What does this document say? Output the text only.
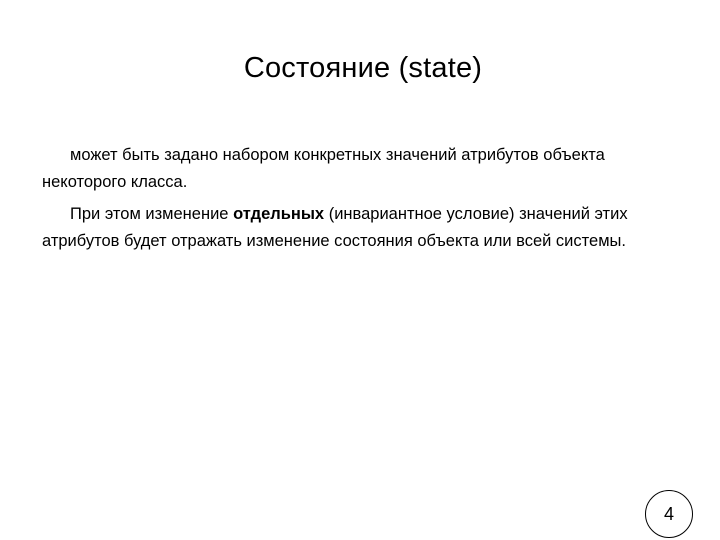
Состояние (state)

может быть задано набором конкретных значений атрибутов объекта некоторого класса.

При этом изменение отдельных (инвариантное условие) значений этих атрибутов будет отражать изменение состояния объекта или всей системы.

4
